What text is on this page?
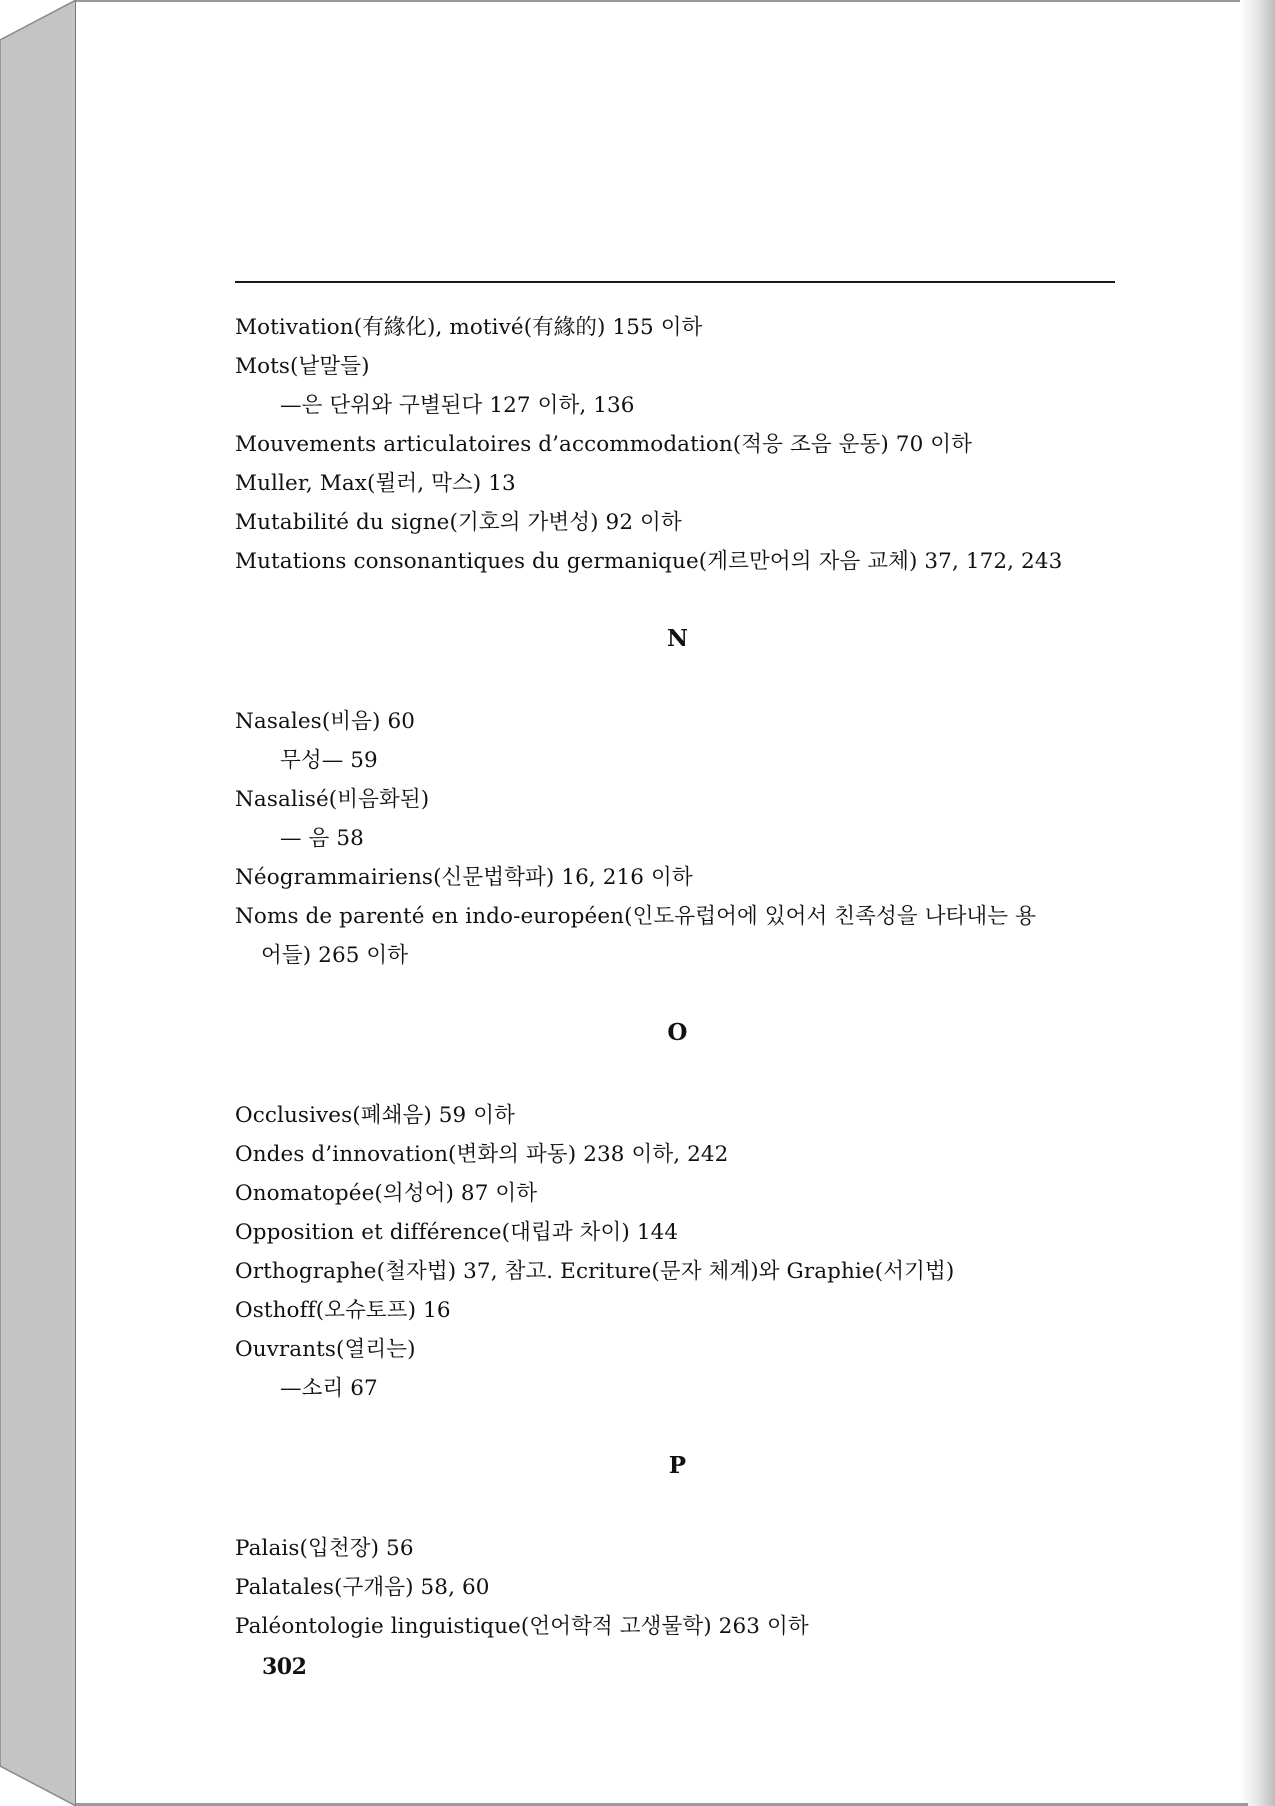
Motivation(有緣化), motivé(有緣的) 155 이하
Mots(낱말들)
—은 단위와 구별된다 127 이하, 136
Mouvements articulatoires d’accommodation(적응 조음 운동) 70 이하
Muller, Max(뮐러, 막스) 13
Mutabilité du signe(기호의 가변성) 92 이하
Mutations consonantiques du germanique(게르만어의 자음 교체) 37, 172, 243
N
Nasales(비음) 60
무성— 59
Nasalisé(비음화된)
— 음 58
Néogrammairiens(신문법학파) 16, 216 이하
Noms de parenté en indo-européen(인도유럽어에 있어서 친족성을 나타내는 용
어들) 265 이하
O
Occlusives(폐쇄음) 59 이하
Ondes d’innovation(변화의 파동) 238 이하, 242
Onomatopée(의성어) 87 이하
Opposition et différence(대립과 차이) 144
Orthographe(철자법) 37, 참고. Ecriture(문자 체계)와 Graphie(서기법)
Osthoff(오슈토프) 16
Ouvrants(열리는)
—소리 67
P
Palais(입천장) 56
Palatales(구개음) 58, 60
Paléontologie linguistique(언어학적 고생물학) 263 이하
302
